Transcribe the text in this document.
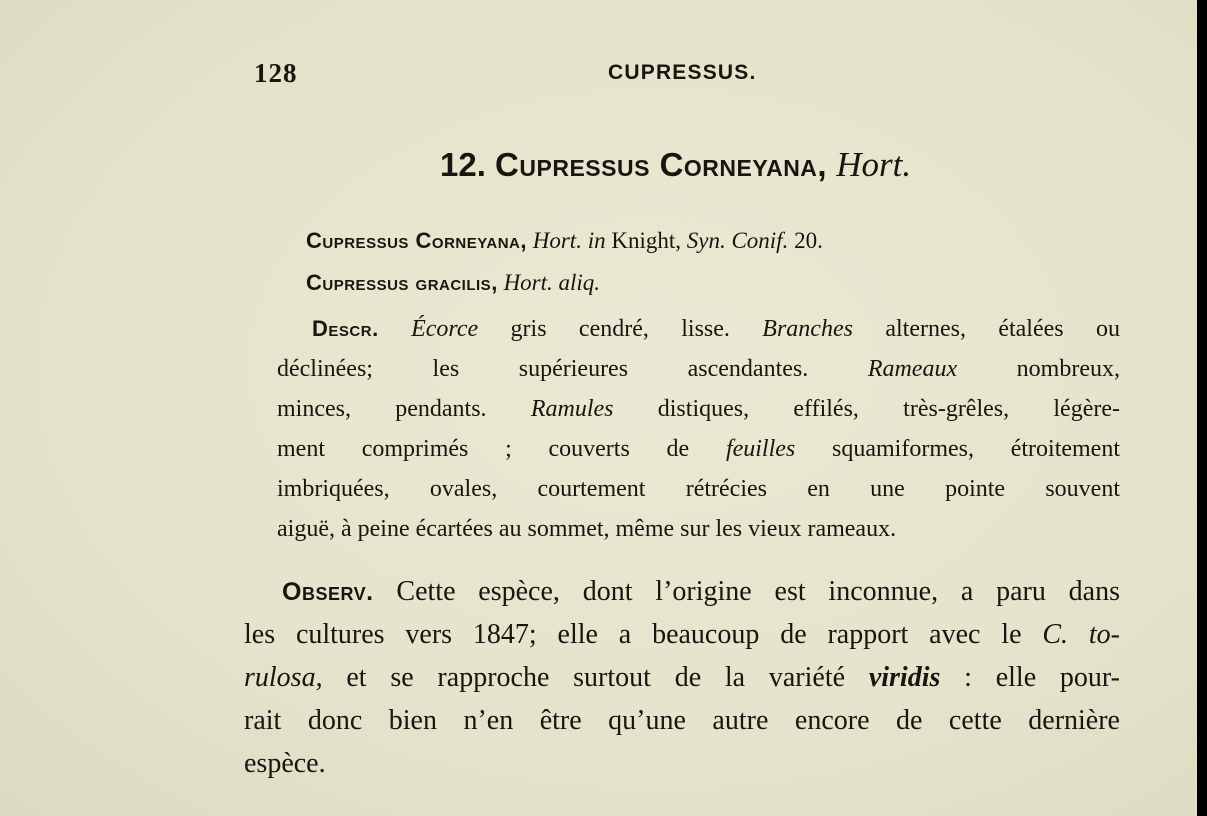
128	CUPRESSUS.
12. Cupressus Corneyana, Hort.
Cupressus Corneyana, Hort. in Knight, Syn. Conif. 20.
Cupressus gracilis, Hort. aliq.
Descr. Écorce gris cendré, lisse. Branches alternes, étalées ou
déclinées; les supérieures ascendantes. Rameaux nombreux,
minces, pendants. Ramules distiques, effilés, très-grêles, légère-
ment comprimés ; couverts de feuilles squamiformes, étroitement
imbriquées, ovales, courtement rétrécies en une pointe souvent
aiguë, à peine écartées au sommet, même sur les vieux rameaux.
Observ. Cette espèce, dont l’origine est inconnue, a paru dans
les cultures vers 1847; elle a beaucoup de rapport avec le C. to-
rulosa, et se rapproche surtout de la variété viridis : elle pour-
rait donc bien n’en être qu’une autre encore de cette dernière
espèce.
